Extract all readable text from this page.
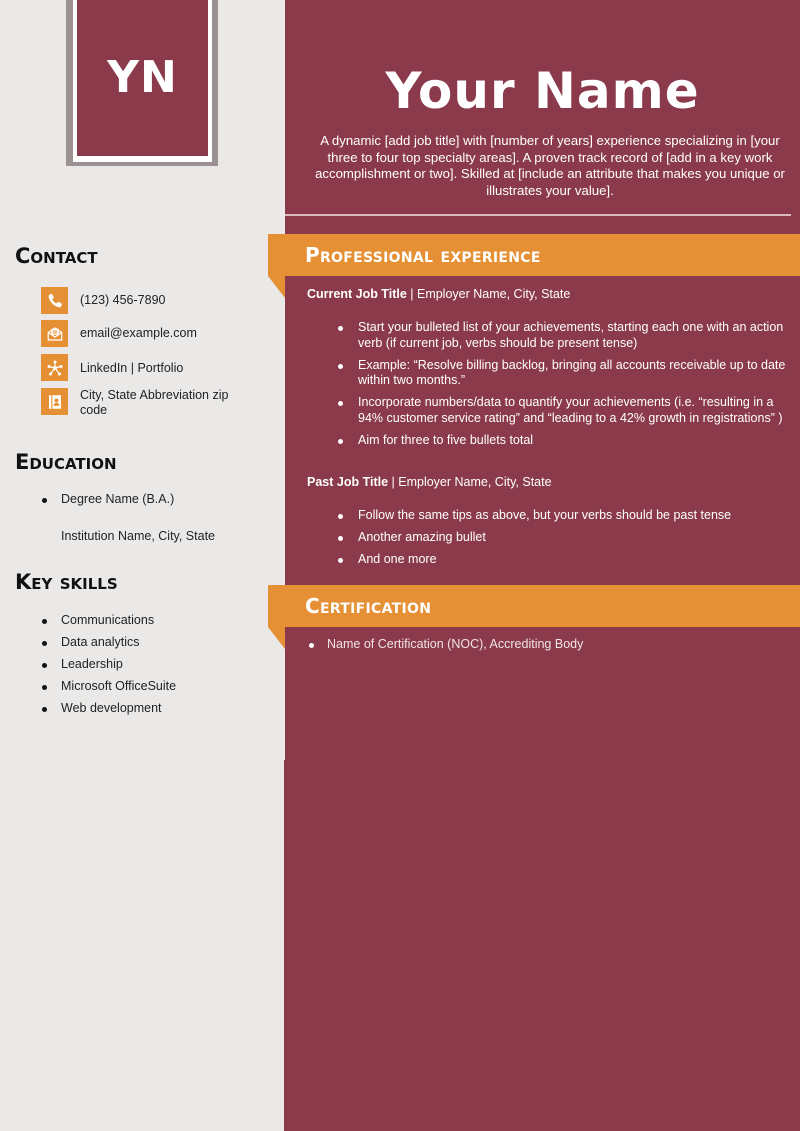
YN	Your Name
A dynamic [add job title] with [number of years] experience specializing in [your three to four top specialty areas]. A proven track record of [add in a key work accomplishment or two]. Skilled at [include an attribute that makes you unique or illustrates your value].
Professional experience
Current Job Title | Employer Name, City, State
Start your bulleted list of your achievements, starting each one with an action verb (if current job, verbs should be present tense)
Example: “Resolve billing backlog, bringing all accounts receivable up to date within two months.”
Incorporate numbers/data to quantify your achievements (i.e. “resulting in a 94% customer service rating” and “leading to a 42% growth in registrations” )
Aim for three to five bullets total
Past Job Title | Employer Name, City, State
Follow the same tips as above, but your verbs should be past tense
Another amazing bullet
And one more
Certification
Name of Certification (NOC), Accrediting Body
Contact
(123) 456-7890
email@example.com
LinkedIn | Portfolio
City, State Abbreviation zip code
Education
Degree Name (B.A.)
Institution Name, City, State
Key skills
Communications
Data analytics
Leadership
Microsoft OfficeSuite
Web development
